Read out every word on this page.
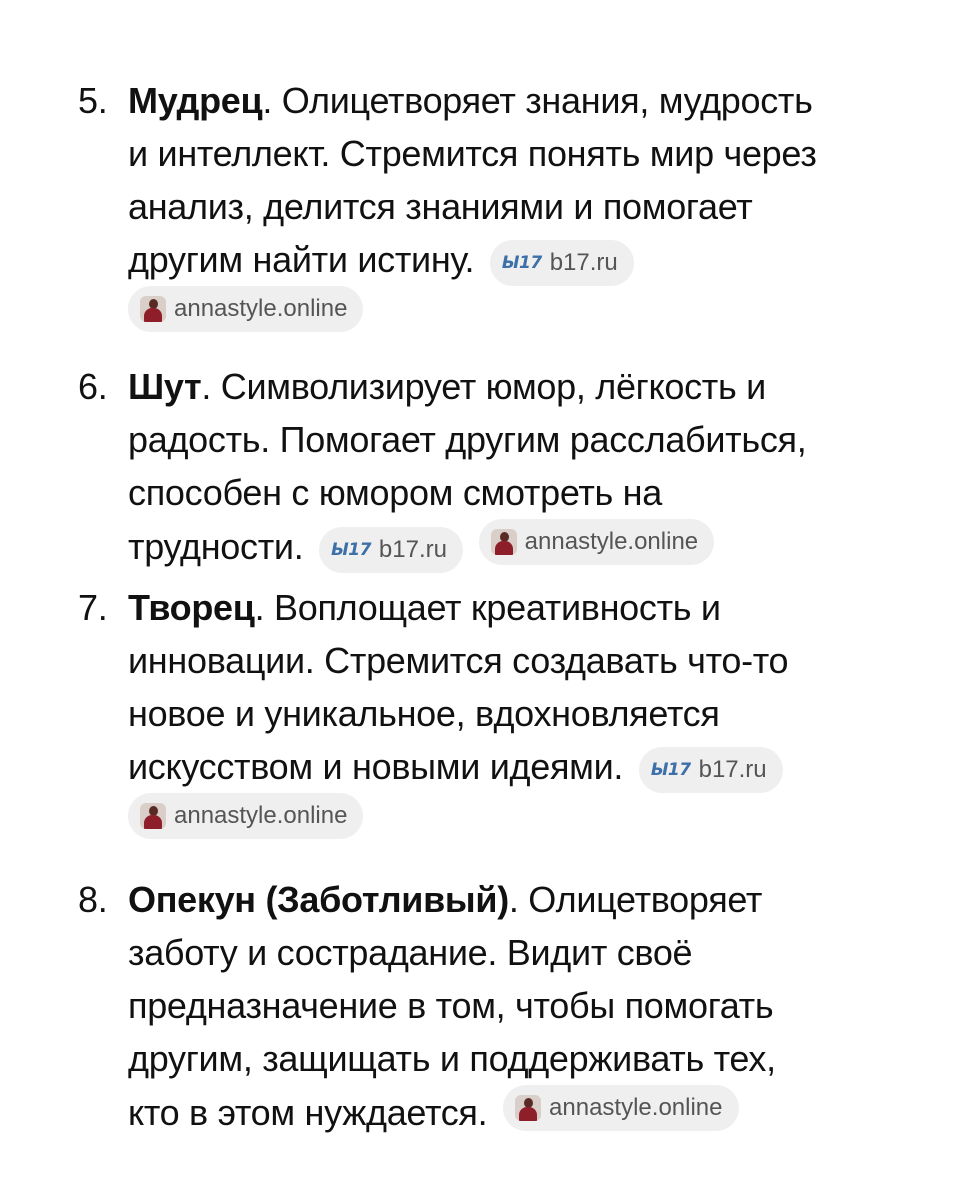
5. Мудрец. Олицетворяет знания, мудрость
и интеллект. Стремится понять мир через
анализ, делится знаниями и помогает
другим найти истину. Ы17 b17.ru

annastyle.online
6. Шут. Символизирует юмор, лёгкость и
радость. Помогает другим расслабиться,
способен с юмором смотреть на
трудности. Ы17 b17.ru
	annastyle.online
7. Творец. Воплощает креативность и
инновации. Стремится создавать что-то
новое и уникальное, вдохновляется
искусством и новыми идеями. Ы17 b17.ru

annastyle.online
8. Опекун (Заботливый). Олицетворяет
заботу и сострадание. Видит своё
предназначение в том, чтобы помогать
другим, защищать и поддерживать тех,
кто в этом нуждается.	annastyle.online
